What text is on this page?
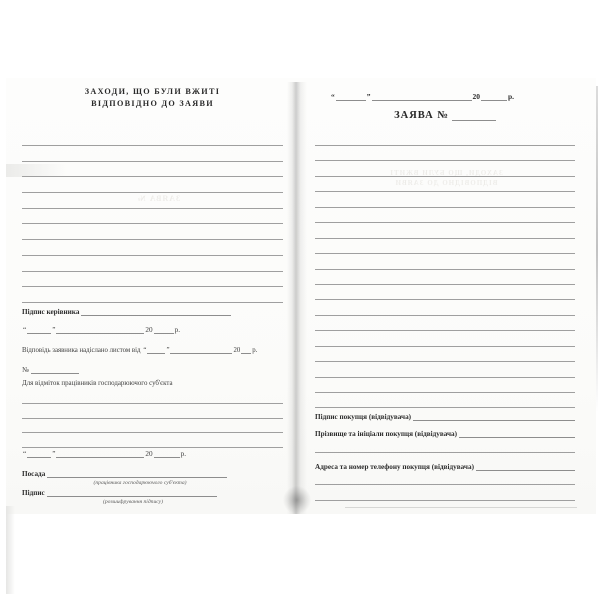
ЗАЯВА №
ЗАХОДИ, ЩО БУЛИ ВЖИТІ
ВІДПОВІДНО ДО ЗАЯВИ
ЗАХОДИ, ЩО БУЛИ ВЖИТІ
ВІДПОВІДНО ДО ЗАЯВИ
Підпис керівника
“	”	20	р.
Відповідь заявника надіслано листом від “	”	20 р.
№
Для відміток працівників господарюючого суб'єкта
“	”	20	р.
Посада
(працівника господарюючого суб'єкта)
Підпис
(розшифрування підпису)
“	”	20	р.
ЗАЯВА №
Підпис покупця (відвідувача)
Прізвище та ініціали покупця (відвідувача)
Адреса та номер телефону покупця (відвідувача)
